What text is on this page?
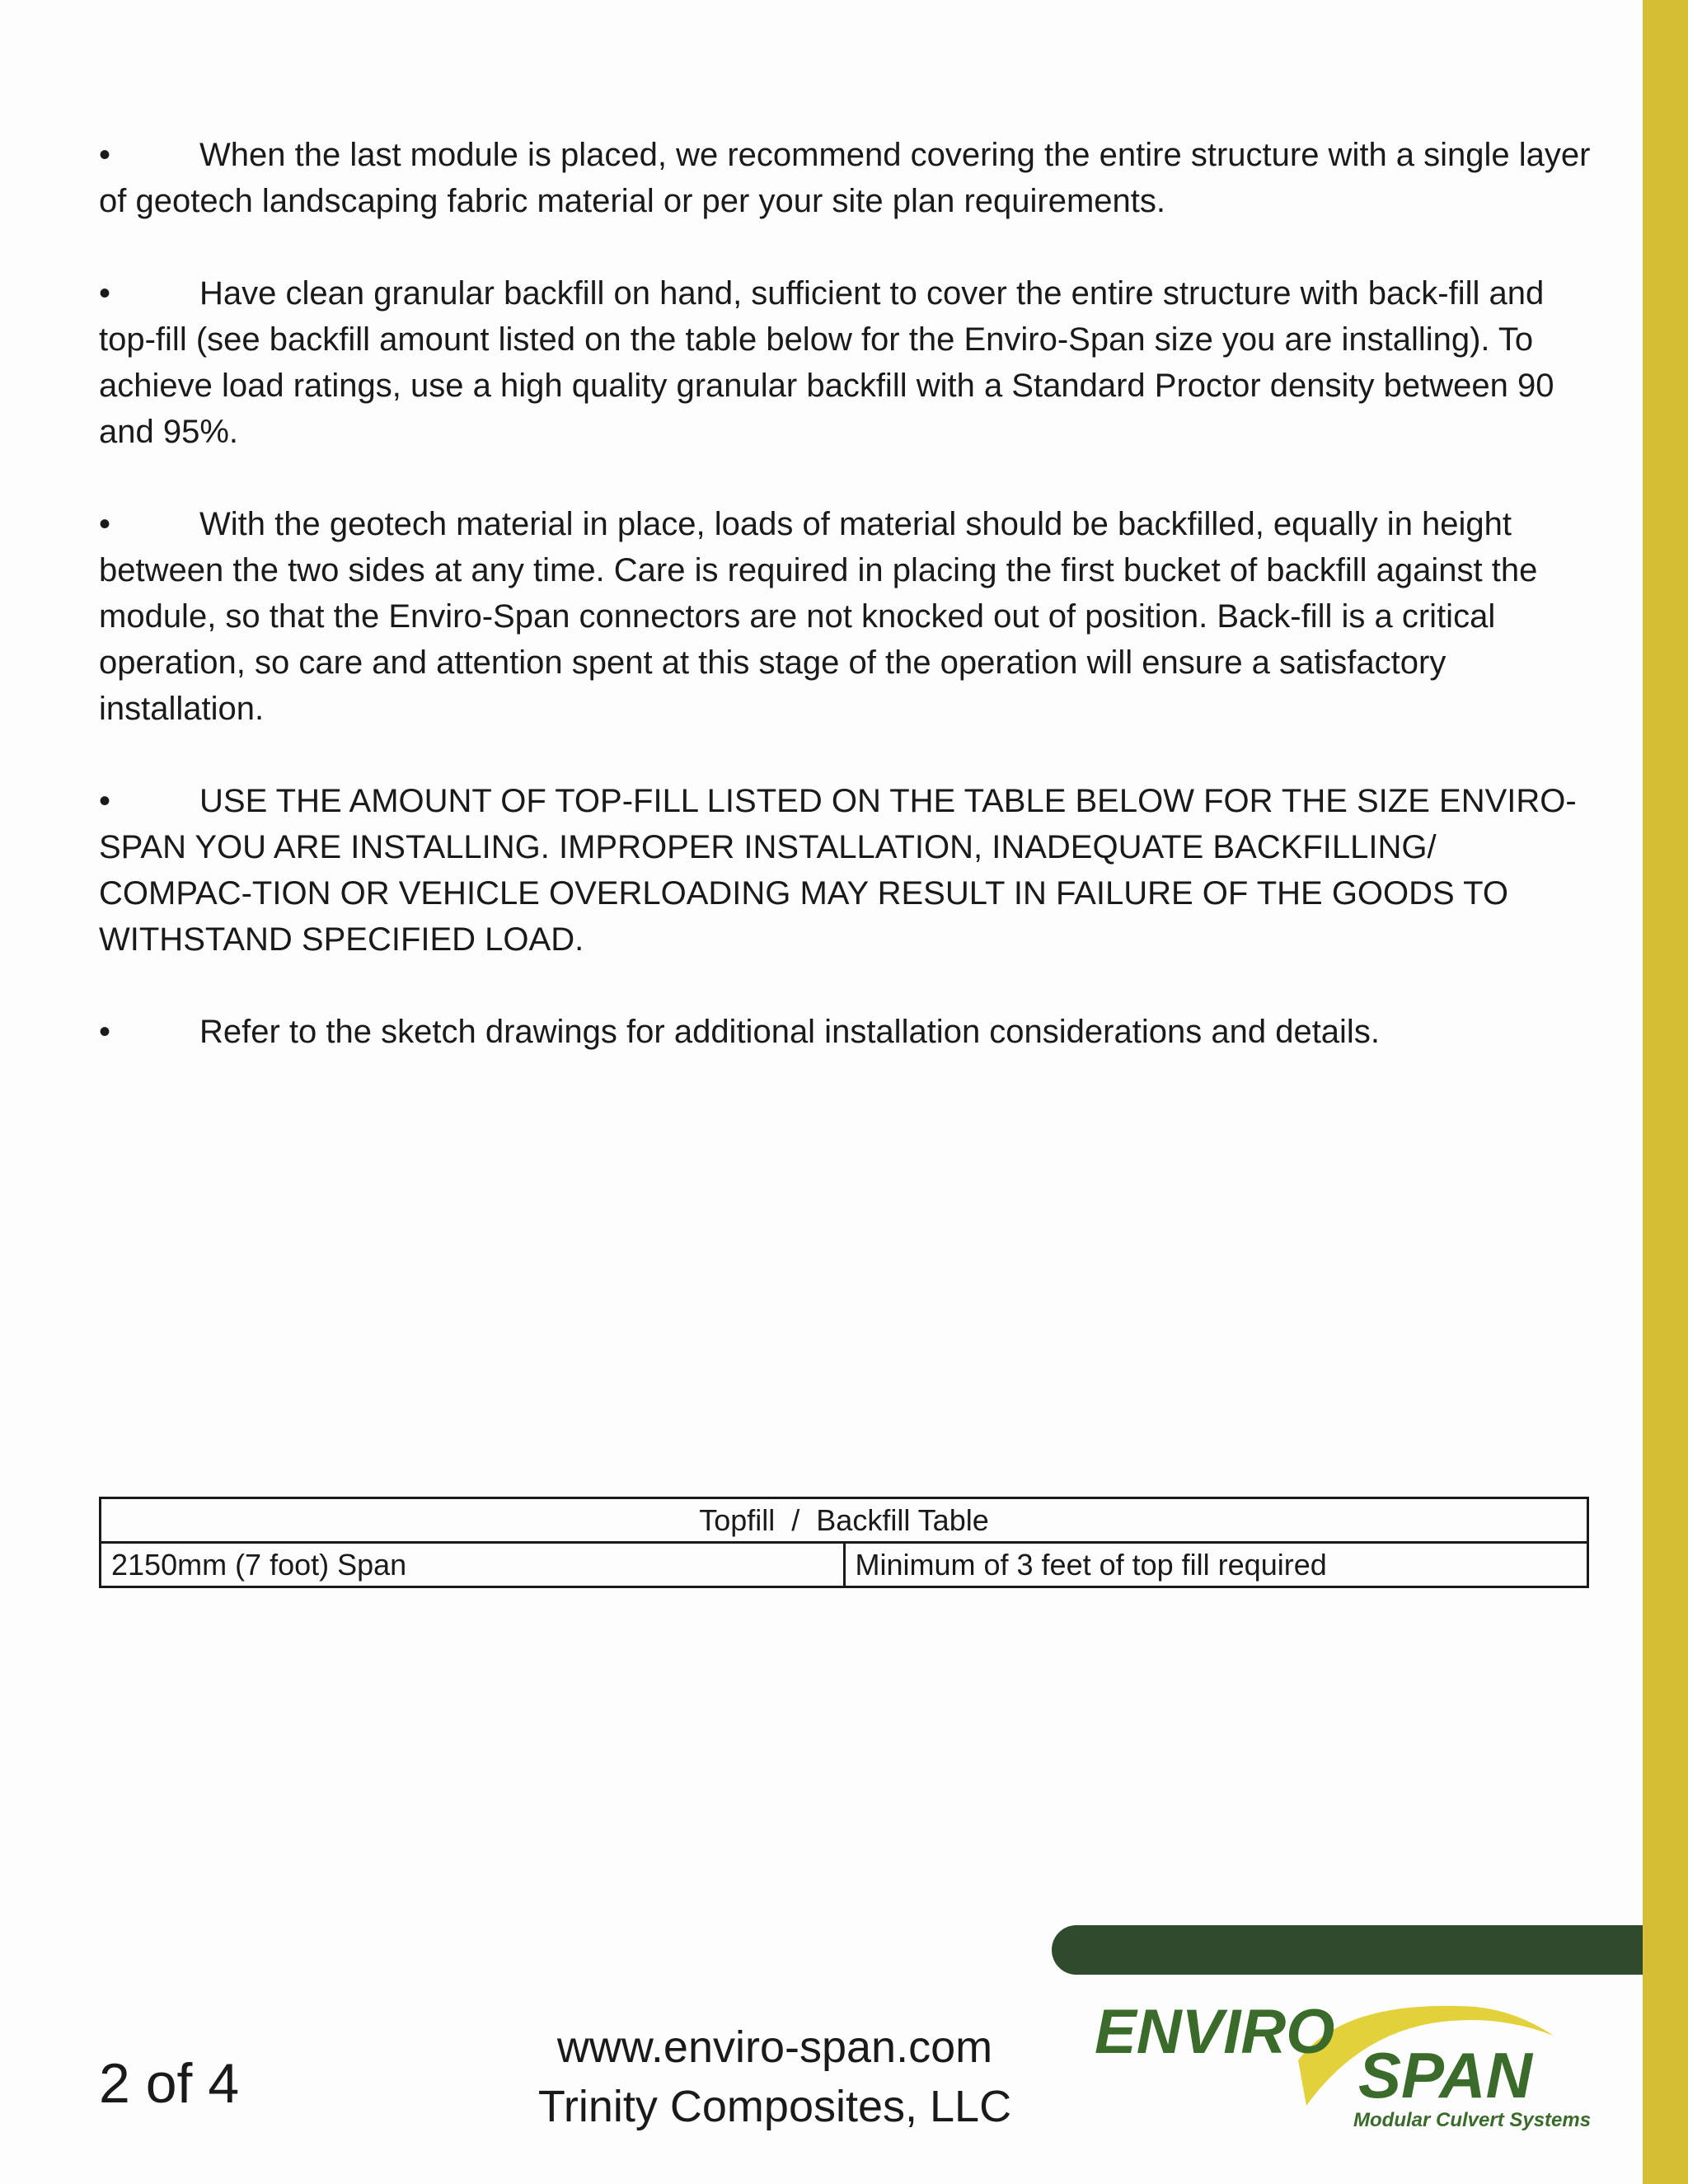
•	When the last module is placed, we recommend covering the entire structure with a single layer of geotech landscaping fabric material or per your site plan requirements.

•	Have clean granular backfill on hand, sufficient to cover the entire structure with back-fill and top-fill (see backfill amount listed on the table below for the Enviro-Span size you are installing). To achieve load ratings, use a high quality granular backfill with a Standard Proctor density between 90 and 95%.

•	With the geotech material in place, loads of material should be backfilled, equally in height between the two sides at any time. Care is required in placing the first bucket of backfill against the module, so that the Enviro-Span connectors are not knocked out of position. Back-fill is a critical operation, so care and attention spent at this stage of the operation will ensure a satisfactory installation.

•	USE THE AMOUNT OF TOP-FILL LISTED ON THE TABLE BELOW FOR THE SIZE ENVIRO-SPAN YOU ARE INSTALLING. IMPROPER INSTALLATION, INADEQUATE BACKFILLING/ COMPAC-TION OR VEHICLE OVERLOADING MAY RESULT IN FAILURE OF THE GOODS TO WITHSTAND SPECIFIED LOAD.

•	Refer to the sketch drawings for additional installation considerations and details.

Topfill  /  Backfill Table
2150mm (7 foot) Span	Minimum of 3 feet of top fill required
2 of 4
www.enviro-span.com
Trinity Composites, LLC
ENVIRO
SPAN
Modular Culvert Systems
